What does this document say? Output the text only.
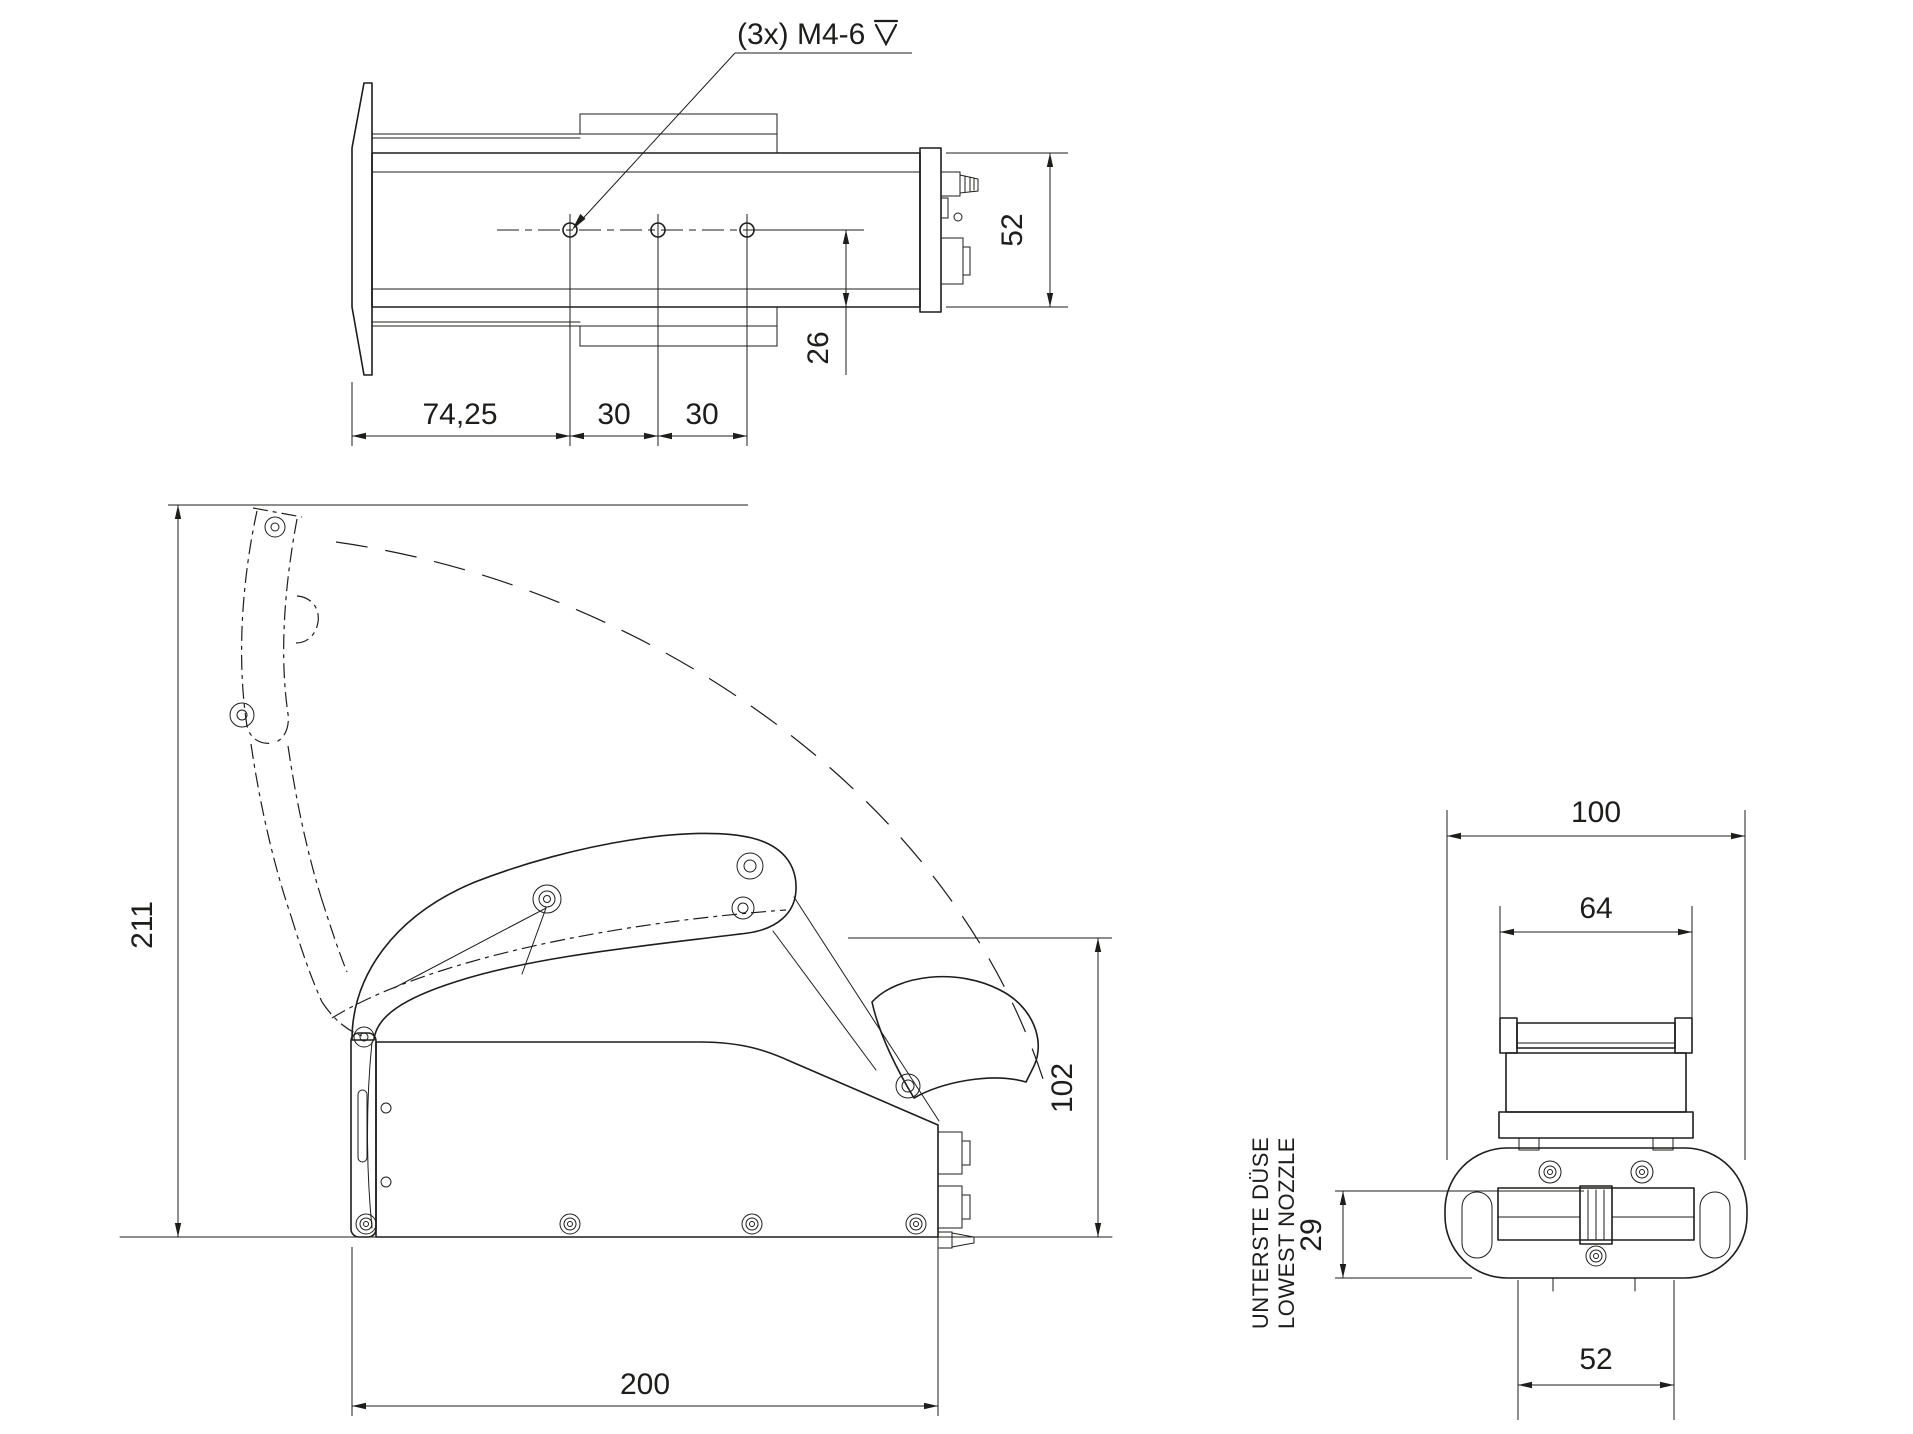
(3x) M4-6
74,25	30 30
26
52
211
102
200
100
64
29
UNTERSTE DÜSE LOWEST NOZZLE
52
